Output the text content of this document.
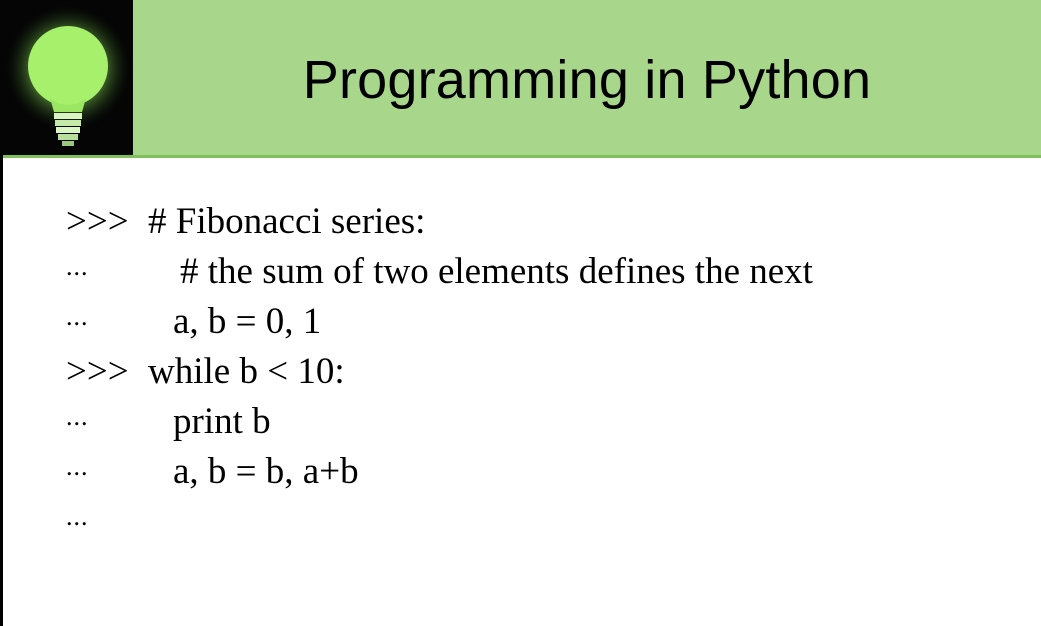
Programming in Python

>>>

# Fibonacci series:

...

# the sum of two elements defines the next

...

a, b = 0, 1

>>>

while b < 10:

...

print b

...

a, b = b, a+b

...
